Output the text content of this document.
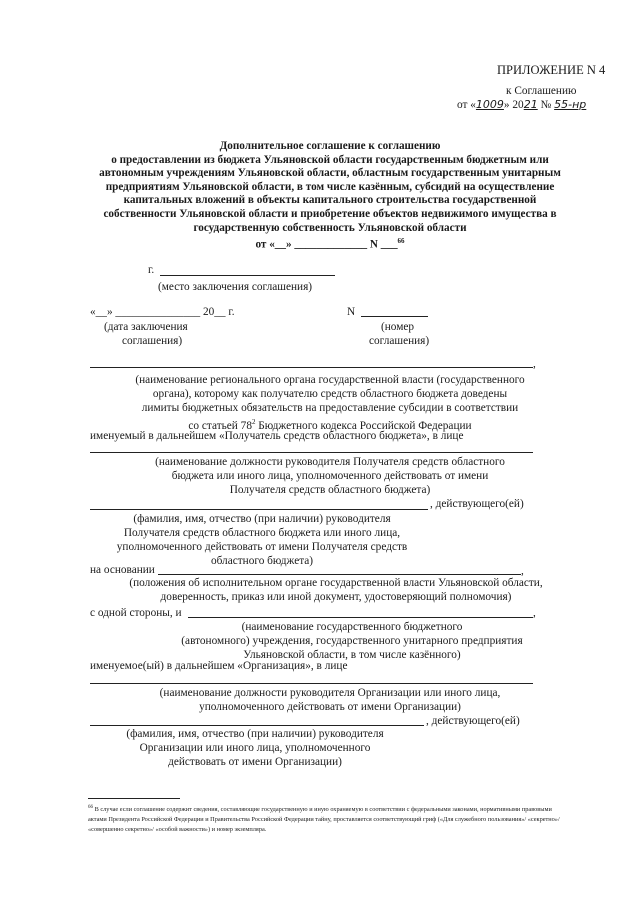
ПРИЛОЖЕНИЕ N 4
к Соглашению
от «1009» 2021 № 55-нр
Дополнительное соглашение к соглашению
о предоставлении из бюджета Ульяновской области государственным бюджетным или
автономным учреждениям Ульяновской области, областным государственным унитарным
предприятиям Ульяновской области, в том числе казённым, субсидий на осуществление
капитальных вложений в объекты капитального строительства государственной
собственности Ульяновской области и приобретение объектов недвижимого имущества в
государственную собственность Ульяновской области
от «__» _____________ N ___$^{66}$
г.
(место заключения соглашения)
«__» _______________ 20__ г.
(дата заключения
соглашения)
N
(номер
соглашения)
,
(наименование регионального органа государственной власти (государственного
органа), которому как получателю средств областного бюджета доведены
лимиты бюджетных обязательств на предоставление субсидии в соответствии
со статьей $78^2$ Бюджетного кодекса Российской Федерации
именуемый в дальнейшем «Получатель средств областного бюджета», в лице
(наименование должности руководителя Получателя средств областного
бюджета или иного лица, уполномоченного действовать от имени
Получателя средств областного бюджета)
, действующего(ей)
(фамилия, имя, отчество (при наличии) руководителя
Получателя средств областного бюджета или иного лица,
уполномоченного действовать от имени Получателя средств
областного бюджета)
на основании	,
(положения об исполнительном органе государственной власти Ульяновской области,
доверенность, приказ или иной документ, удостоверяющий полномочия)
с одной стороны, и	,
(наименование государственного бюджетного
(автономного) учреждения, государственного унитарного предприятия
Ульяновской области, в том числе казённого)
именуемое(ый) в дальнейшем «Организация», в лице
(наименование должности руководителя Организации или иного лица,
уполномоченного действовать от имени Организации)
, действующего(ей)
(фамилия, имя, отчество (при наличии) руководителя
Организации или иного лица, уполномоченного
действовать от имени Организации)
$^{66}$ В случае если соглашение содержит сведения, составляющие государственную и иную охраняемую в соответствии с федеральными законами, нормативными правовыми актами Президента Российской Федерации и Правительства Российской Федерации тайну, проставляется соответствующий гриф («Для служебного пользования»/ «секретно»/ «совершенно секретно»/ «особой важности») и номер экземпляра.
